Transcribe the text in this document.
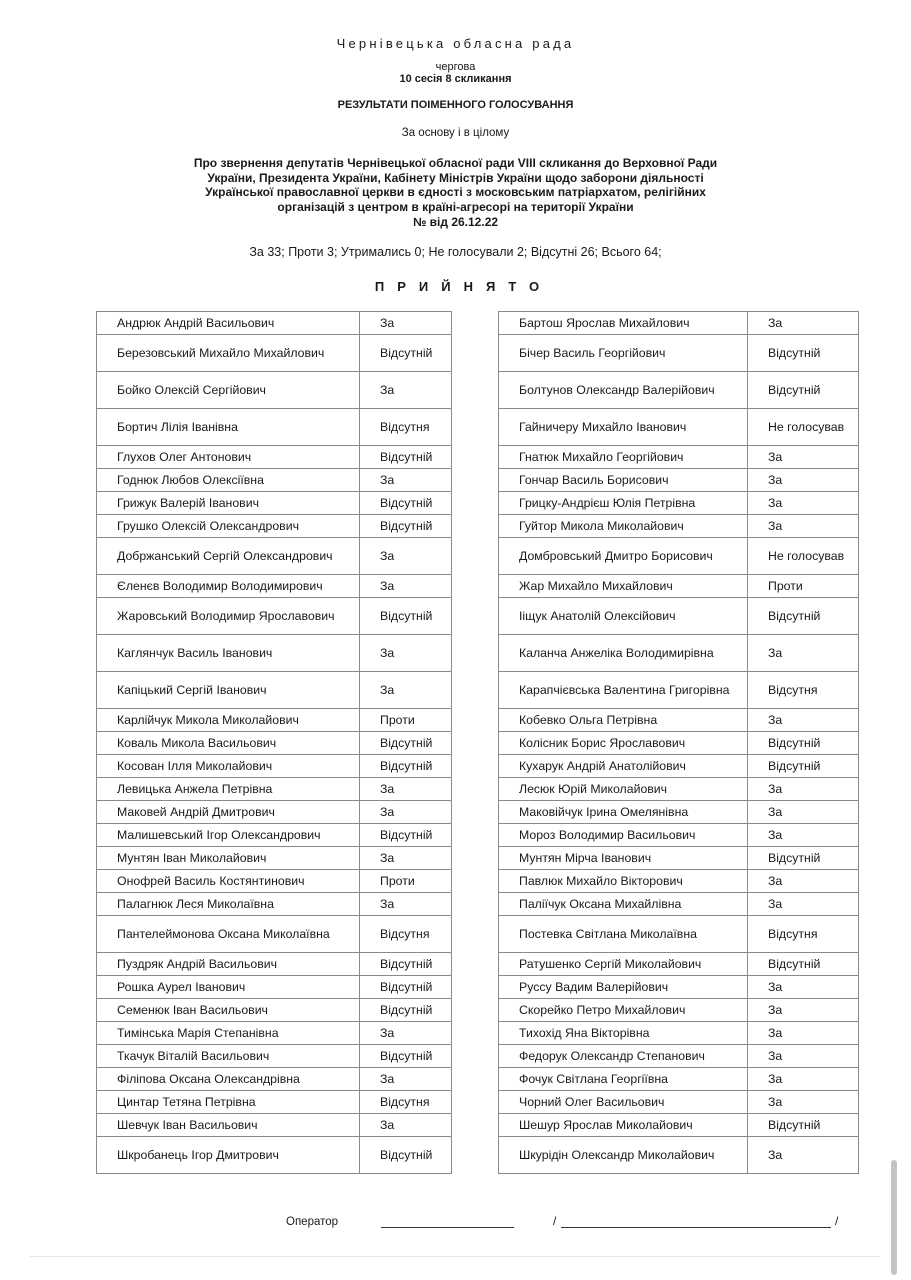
Чернівецька обласна рада
чергова
10 сесія 8 скликання
РЕЗУЛЬТАТИ ПОІМЕННОГО ГОЛОСУВАННЯ
За основу і в цілому
Про звернення депутатів Чернівецької обласної ради VIII скликання до Верховної Ради
України, Президента України, Кабінету Міністрів України щодо заборони діяльності
Української православної церкви в єдності з московським патріархатом, релігійних
організацій з центром в країні-агресорі на території України
№ від 26.12.22
За 33; Проти 3; Утримались 0; Не голосували 2; Відсутні 26; Всього 64;
ПРИЙНЯТО
Андрюк Андрій Васильович	За
Березовський Михайло Михайлович	Відсутній
Бойко Олексій Сергійович	За
Бортич Лілія Іванівна	Відсутня
Глухов Олег Антонович	Відсутній
Годнюк Любов Олексіївна	За
Грижук Валерій Іванович	Відсутній
Грушко Олексій Олександрович	Відсутній
Добржанський Сергій Олександрович	За
Єленєв Володимир Володимирович	За
Жаровський Володимир Ярославович	Відсутній
Каглянчук Василь Іванович	За
Капіцький Сергій Іванович	За
Карлійчук Микола Миколайович	Проти
Коваль Микола Васильович	Відсутній
Косован Ілля Миколайович	Відсутній
Левицька Анжела Петрівна	За
Маковей Андрій Дмитрович	За
Малишевський Ігор Олександрович	Відсутній
Мунтян Іван Миколайович	За
Онофрей Василь Костянтинович	Проти
Палагнюк Леся Миколаївна	За
Пантелеймонова Оксана Миколаївна	Відсутня
Пуздряк Андрій Васильович	Відсутній
Рошка Аурел Іванович	Відсутній
Семенюк Іван Васильович	Відсутній
Тимінська Марія Степанівна	За
Ткачук Віталій Васильович	Відсутній
Філіпова Оксана Олександрівна	За
Цинтар Тетяна Петрівна	Відсутня
Шевчук Іван Васильович	За
Шкробанець Ігор Дмитрович	Відсутній
Бартош Ярослав Михайлович	За
Бічер Василь Георгійович	Відсутній
Болтунов Олександр Валерійович	Відсутній
Гайничеру Михайло Іванович	Не голосував
Гнатюк Михайло Георгійович	За
Гончар Василь Борисович	За
Грицку-Андрієш Юлія Петрівна	За
Гуйтор Микола Миколайович	За
Домбровський Дмитро Борисович	Не голосував
Жар Михайло Михайлович	Проти
Ііщук Анатолій Олексійович	Відсутній
Каланча Анжеліка Володимирівна	За
Карапчієвська Валентина Григорівна	Відсутня
Кобевко Ольга Петрівна	За
Колісник Борис Ярославович	Відсутній
Кухарук Андрій Анатолійович	Відсутній
Лесюк Юрій Миколайович	За
Маковійчук Ірина Омелянівна	За
Мороз Володимир Васильович	За
Мунтян Мірча Іванович	Відсутній
Павлюк Михайло Вікторович	За
Паліїчук Оксана Михайлівна	За
Постевка Світлана Миколаївна	Відсутня
Ратушенко Сергій Миколайович	Відсутній
Руссу Вадим Валерійович	За
Скорейко Петро Михайлович	За
Тихохід Яна Вікторівна	За
Федорук Олександр Степанович	За
Фочук Світлана Георгіївна	За
Чорний Олег Васильович	За
Шешур Ярослав Миколайович	Відсутній
Шкурідін Олександр Миколайович	За
Оператор	/	/
